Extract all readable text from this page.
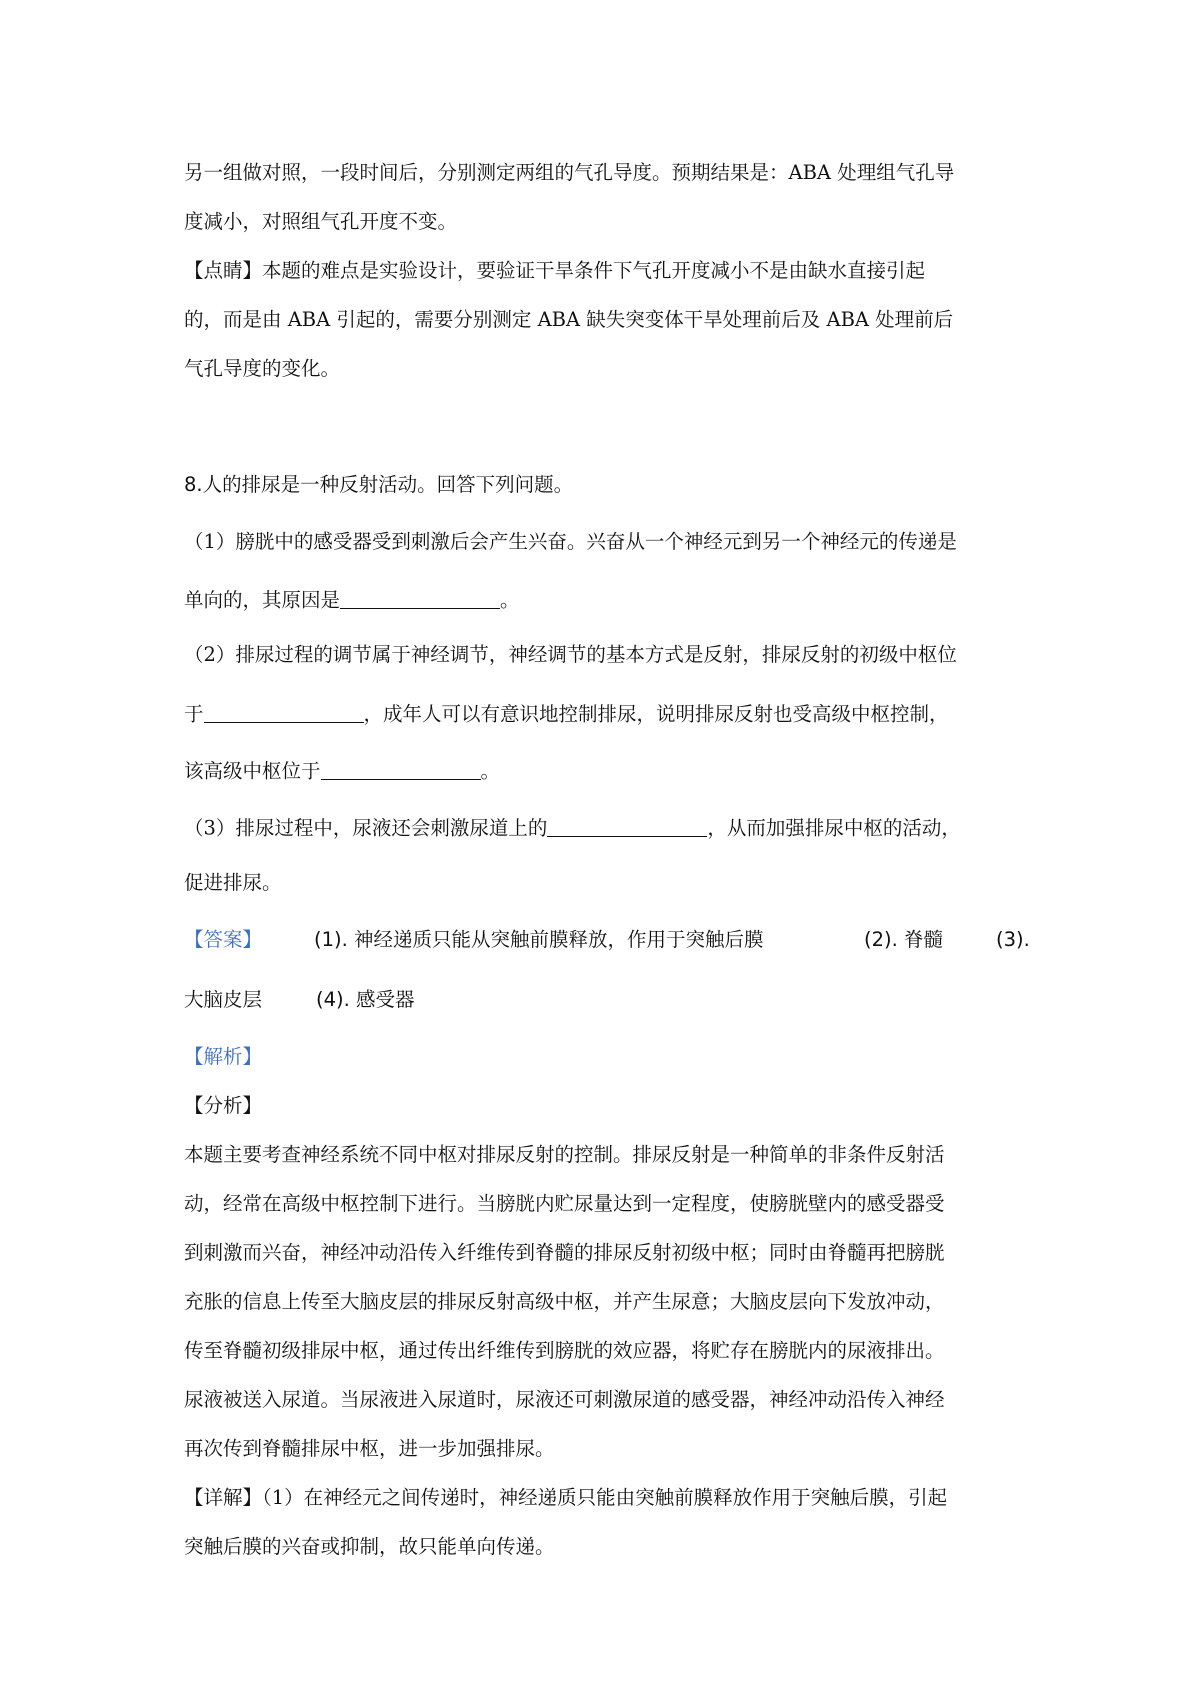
另一组做对照，一段时间后，分别测定两组的气孔导度。预期结果是：ABA 处理组气孔导
度减小，对照组气孔开度不变。
【点睛】本题的难点是实验设计，要验证干旱条件下气孔开度减小不是由缺水直接引起
的，而是由 ABA 引起的，需要分别测定 ABA 缺失突变体干旱处理前后及 ABA 处理前后
气孔导度的变化。
8.人的排尿是一种反射活动。回答下列问题。
（1）膀胱中的感受器受到刺激后会产生兴奋。兴奋从一个神经元到另一个神经元的传递是
单向的，其原因是	。
（2）排尿过程的调节属于神经调节，神经调节的基本方式是反射，排尿反射的初级中枢位
于	，成年人可以有意识地控制排尿，说明排尿反射也受高级中枢控制，
该高级中枢位于	。
（3）排尿过程中，尿液还会刺激尿道上的	，从而加强排尿中枢的活动，
促进排尿。
【答案】	(1). 神经递质只能从突触前膜释放，作用于突触后膜	(2). 脊髓	(3).
大脑皮层	(4). 感受器
【解析】
【分析】
本题主要考查神经系统不同中枢对排尿反射的控制。排尿反射是一种简单的非条件反射活
动，经常在高级中枢控制下进行。当膀胱内贮尿量达到一定程度，使膀胱壁内的感受器受
到刺激而兴奋，神经冲动沿传入纤维传到脊髓的排尿反射初级中枢；同时由脊髓再把膀胱
充胀的信息上传至大脑皮层的排尿反射高级中枢，并产生尿意；大脑皮层向下发放冲动，
传至脊髓初级排尿中枢，通过传出纤维传到膀胱的效应器，将贮存在膀胱内的尿液排出。
尿液被送入尿道。当尿液进入尿道时，尿液还可刺激尿道的感受器，神经冲动沿传入神经
再次传到脊髓排尿中枢，进一步加强排尿。
【详解】（1）在神经元之间传递时，神经递质只能由突触前膜释放作用于突触后膜，引起
突触后膜的兴奋或抑制，故只能单向传递。
